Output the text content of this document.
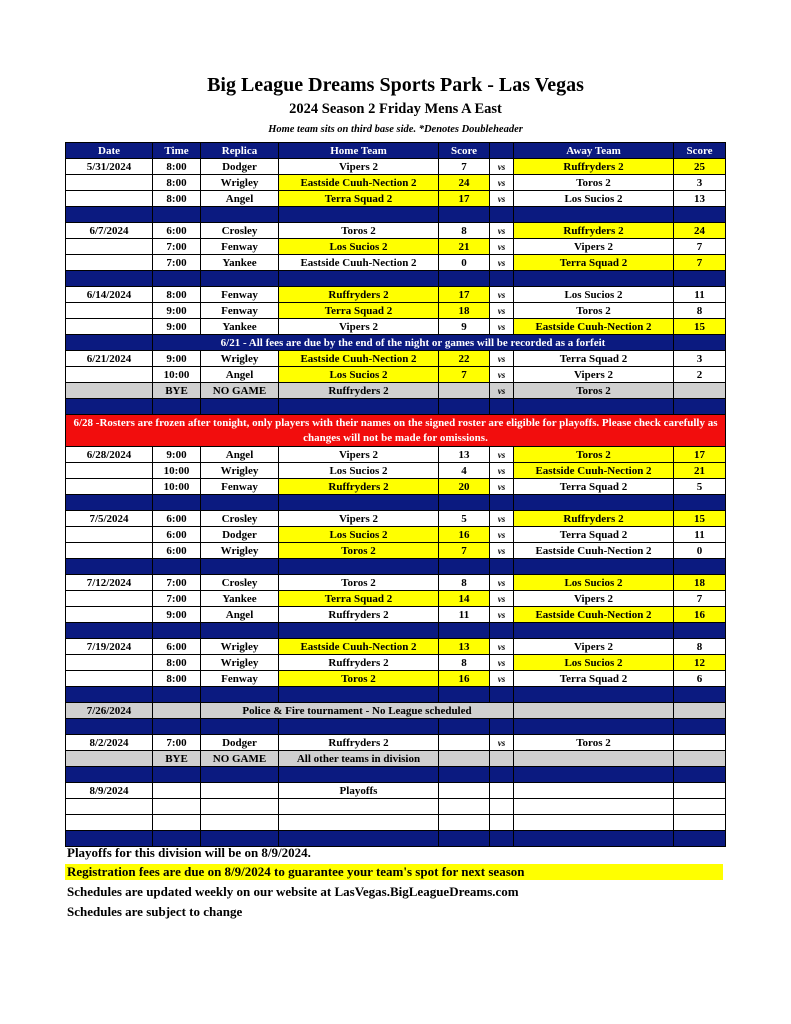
Big League Dreams Sports Park - Las Vegas
2024 Season 2 Friday Mens A East
Home team sits on third base side. *Denotes Doubleheader
Date	Time	Replica	Home Team	Score		Away Team	Score
5/31/2024	8:00	Dodger	Vipers 2	7	vs	Ruffryders 2	25
	8:00	Wrigley	Eastside Cuuh-Nection 2	24	vs	Toros 2	3
	8:00	Angel	Terra Squad 2	17	vs	Los Sucios 2	13

6/7/2024	6:00	Crosley	Toros 2	8	vs	Ruffryders 2	24
	7:00	Fenway	Los Sucios 2	21	vs	Vipers 2	7
	7:00	Yankee	Eastside Cuuh-Nection 2	0	vs	Terra Squad 2	7

6/14/2024	8:00	Fenway	Ruffryders 2	17	vs	Los Sucios 2	11
	9:00	Fenway	Terra Squad 2	18	vs	Toros 2	8
	9:00	Yankee	Vipers 2	9	vs	Eastside Cuuh-Nection 2	15
	6/21 - All fees are due by the end of the night or games will be recorded as a forfeit						
6/21/2024	9:00	Wrigley	Eastside Cuuh-Nection 2	22	vs	Terra Squad 2	3
	10:00	Angel	Los Sucios 2	7	vs	Vipers 2	2
	BYE	NO GAME	Ruffryders 2		vs	Toros 2	

6/28 -Rosters are frozen after tonight, only players with their names on the signed roster are eligible for playoffs. Please check carefully as changes will not be made for omissions.							
6/28/2024	9:00	Angel	Vipers 2	13	vs	Toros 2	17
	10:00	Wrigley	Los Sucios 2	4	vs	Eastside Cuuh-Nection 2	21
	10:00	Fenway	Ruffryders 2	20	vs	Terra Squad 2	5

7/5/2024	6:00	Crosley	Vipers 2	5	vs	Ruffryders 2	15
	6:00	Dodger	Los Sucios 2	16	vs	Terra Squad 2	11
	6:00	Wrigley	Toros 2	7	vs	Eastside Cuuh-Nection 2	0

7/12/2024	7:00	Crosley	Toros 2	8	vs	Los Sucios 2	18
	7:00	Yankee	Terra Squad 2	14	vs	Vipers 2	7
	9:00	Angel	Ruffryders 2	11	vs	Eastside Cuuh-Nection 2	16

7/19/2024	6:00	Wrigley	Eastside Cuuh-Nection 2	13	vs	Vipers 2	8
	8:00	Wrigley	Ruffryders 2	8	vs	Los Sucios 2	12
	8:00	Fenway	Toros 2	16	vs	Terra Squad 2	6

7/26/2024		Police & Fire tournament - No League scheduled					

8/2/2024	7:00	Dodger	Ruffryders 2		vs	Toros 2	
	BYE	NO GAME	All other teams in division				

8/9/2024			Playoffs				

Playoffs for this division will be on 8/9/2024.
Registration fees are due on 8/9/2024 to guarantee your team's spot for next season
Schedules are updated weekly on our website at LasVegas.BigLeagueDreams.com
Schedules are subject to change
